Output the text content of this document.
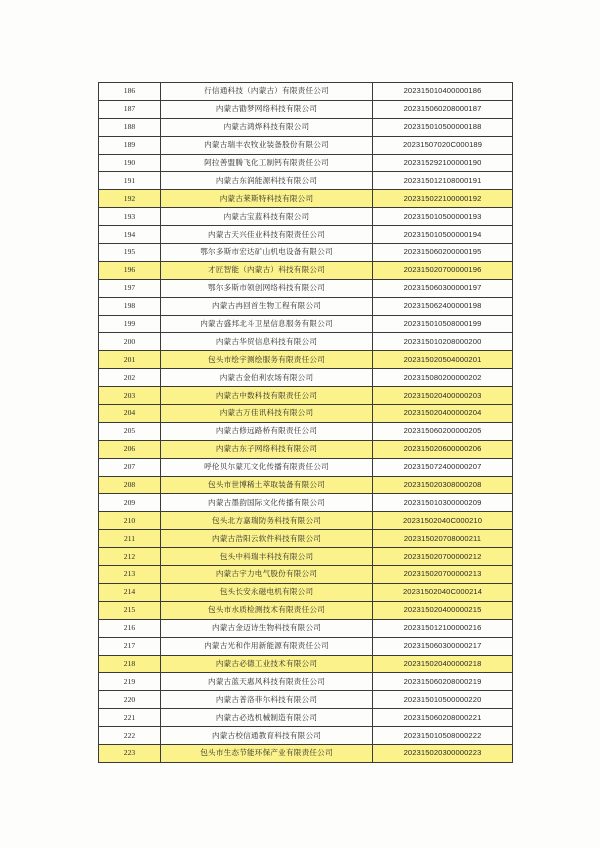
186	行信通科技（内蒙古）有限责任公司	202315010400000186
187	内蒙古勖梦网络科技有限公司	202315060208000187
188	内蒙古鸿烨科技有限公司	202315010500000188
189	内蒙古瑞丰农牧业装备股份有限公司	20231507020C000189
190	阿拉善盟腾飞化工制钙有限责任公司	202315292100000190
191	内蒙古东润能源科技有限公司	202315012108000191
192	内蒙古莱斯特科技有限公司	202315022100000192
193	内蒙古宝蓝科技有限公司	202315010500000193
194	内蒙古天兴佳业科技有限责任公司	202315010500000194
195	鄂尔多斯市宏达矿山机电设备有限公司	202315060200000195
196	才匠智能（内蒙古）科技有限公司	202315020700000196
197	鄂尔多斯市领创网络科技有限公司	202315060300000197
198	内蒙古冉回首生物工程有限公司	202315062400000198
199	内蒙古盛邦北斗卫星信息服务有限公司	202315010508000199
200	内蒙古华贸信息科技有限公司	202315010208000200
201	包头市绘宇测绘服务有限责任公司	202315020504000201
202	内蒙古金伯利农场有限公司	202315080200000202
203	内蒙古中数科技有限责任公司	202315020400000203
204	内蒙古万佳讯科技有限公司	202315020400000204
205	内蒙古修远路桥有限责任公司	202315060200000205
206	内蒙古东子网络科技有限公司	202315020600000206
207	呼伦贝尔蒙兀文化传播有限责任公司	202315072400000207
208	包头市世博稀土萃取装备有限公司	202315020308000208
209	内蒙古墨韵国际文化传播有限公司	202315010300000209
210	包头北方嘉瑞防务科技有限公司	20231502040C000210
211	内蒙古浩阳云软件科技有限公司	202315020708000211
212	包头中科瑞丰科技有限公司	202315020700000212
213	内蒙古宇力电气股份有限公司	202315020700000213
214	包头长安永磁电机有限公司	20231502040C000214
215	包头市水质检测技术有限责任公司	202315020400000215
216	内蒙古金迈诗生物科技有限公司	202315012100000216
217	内蒙古光和作用新能源有限责任公司	202315060300000217
218	内蒙古必德工业技术有限公司	202315020400000218
219	内蒙古蓝天惠风科技有限责任公司	202315060208000219
220	内蒙古普洛菲尔科技有限公司	202315010500000220
221	内蒙古必选机械制造有限公司	202315060208000221
222	内蒙古校信通教育科技有限公司	202315010508000222
223	包头市生态节能环保产业有限责任公司	202315020300000223
